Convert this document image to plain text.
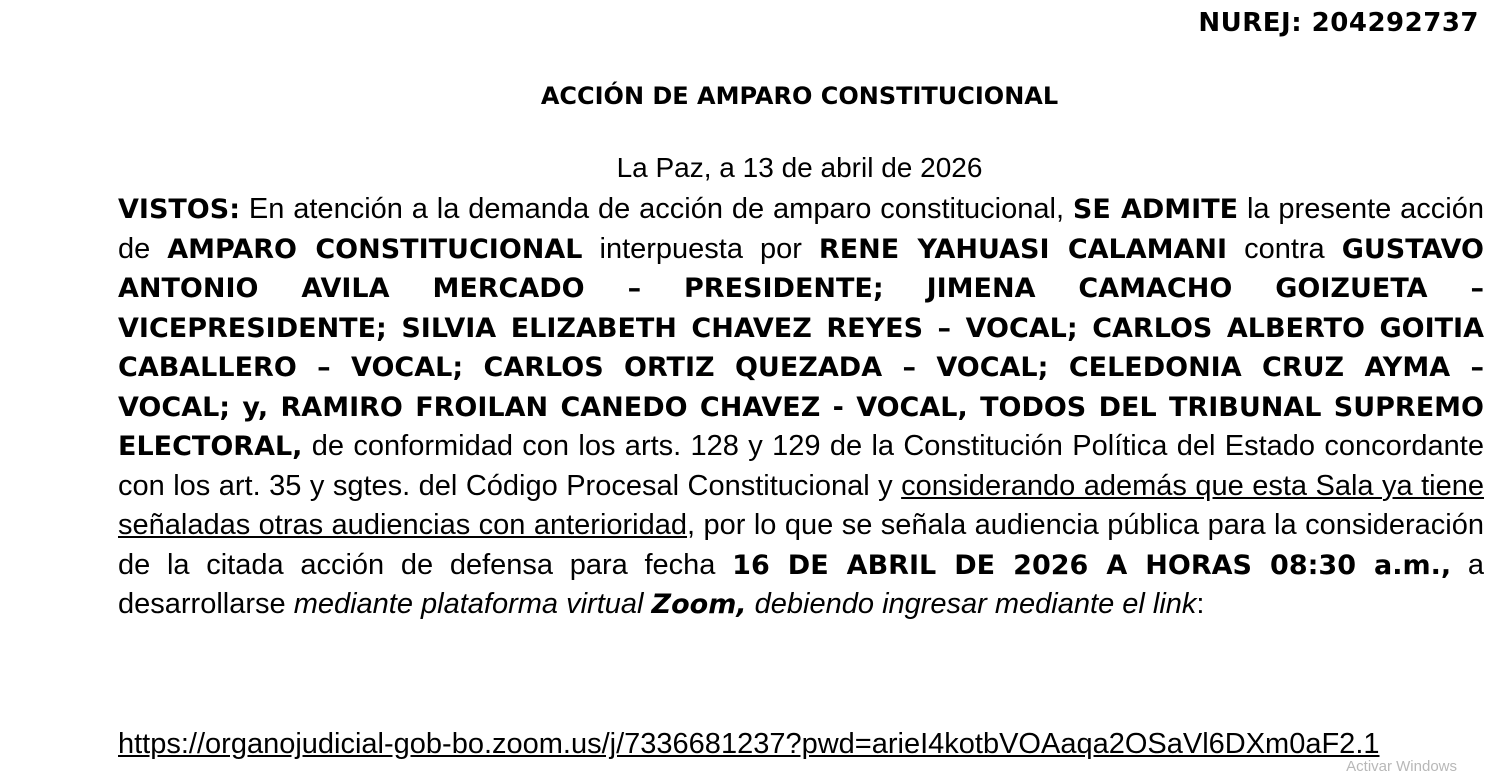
NUREJ: 204292737
ACCIÓN DE AMPARO CONSTITUCIONAL
La Paz, a 13 de abril de 2026
VISTOS: En atención a la demanda de acción de amparo constitucional, SE ADMITE la presente acción de AMPARO CONSTITUCIONAL interpuesta por RENE YAHUASI CALAMANI contra GUSTAVO ANTONIO AVILA MERCADO – PRESIDENTE; JIMENA CAMACHO GOIZUETA – VICEPRESIDENTE; SILVIA ELIZABETH CHAVEZ REYES – VOCAL; CARLOS ALBERTO GOITIA CABALLERO – VOCAL; CARLOS ORTIZ QUEZADA – VOCAL; CELEDONIA CRUZ AYMA – VOCAL; y, RAMIRO FROILAN CANEDO CHAVEZ - VOCAL, TODOS DEL TRIBUNAL SUPREMO ELECTORAL, de conformidad con los arts. 128 y 129 de la Constitución Política del Estado concordante con los art. 35 y sgtes. del Código Procesal Constitucional y considerando además que esta Sala ya tiene señaladas otras audiencias con anterioridad, por lo que se señala audiencia pública para la consideración de la citada acción de defensa para fecha 16 DE ABRIL DE 2026 A HORAS 08:30 a.m., a desarrollarse mediante plataforma virtual Zoom, debiendo ingresar mediante el link:
https://organojudicial-gob-bo.zoom.us/j/7336681237?pwd=arieI4kotbVOAaqa2OSaVl6DXm0aF2.1
Activar Windows
